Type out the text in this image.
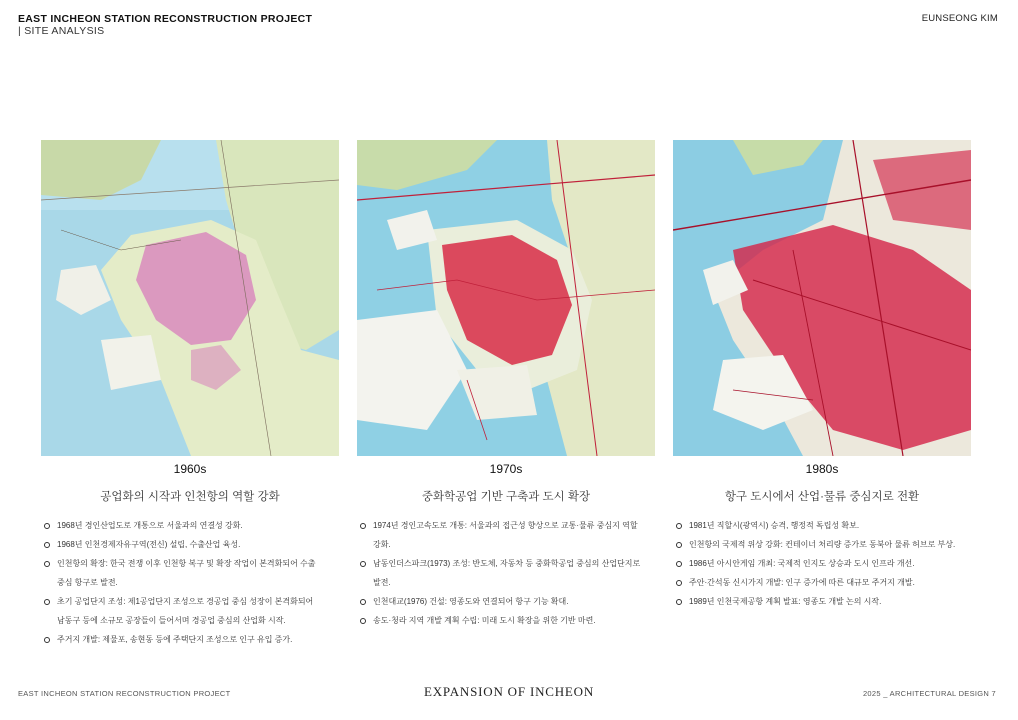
EAST INCHEON STATION RECONSTRUCTION PROJECT
| SITE ANALYSIS
EUNSEONG KIM
1960s
공업화의 시작과 인천항의 역할 강화
1968년 경인산업도로 개통으로 서울과의 연결성 강화.
1968년 인천경제자유구역(전신) 설립, 수출산업 육성.
인천항의 확장: 한국 전쟁 이후 인천항 복구 및 확장 작업이 본격화되어 수출
중심 항구로 발전.
초기 공업단지 조성: 제1공업단지 조성으로 경공업 중심 성장이 본격화되어
남동구 등에 소규모 공장들이 들어서며 경공업 중심의 산업화 시작.
주거지 개발: 제물포, 송현동 등에 주택단지 조성으로 인구 유입 증가.
1970s
중화학공업 기반 구축과 도시 확장
1974년 경인고속도로 개통: 서울과의 접근성 향상으로 교통·물류 중심지 역할
강화.
남동인더스파크(1973) 조성: 반도체, 자동차 등 중화학공업 중심의 산업단지로
발전.
인천대교(1976) 건설: 영종도와 연결되어 항구 기능 확대.
송도·청라 지역 개발 계획 수립: 미래 도시 확장을 위한 기반 마련.
1980s
항구 도시에서 산업·물류 중심지로 전환
1981년 직할시(광역시) 승격, 행정적 독립성 확보.
인천항의 국제적 위상 강화: 컨테이너 처리량 증가로 동북아 물류 허브로 부상.
1986년 아시안게임 개최: 국제적 인지도 상승과 도시 인프라 개선.
주안·간석동 신시가지 개발: 인구 증가에 따른 대규모 주거지 개발.
1989년 인천국제공항 계획 발표: 영종도 개발 논의 시작.
EAST INCHEON STATION RECONSTRUCTION PROJECT	EXPANSION OF INCHEON	2025 _ ARCHITECTURAL DESIGN 7
